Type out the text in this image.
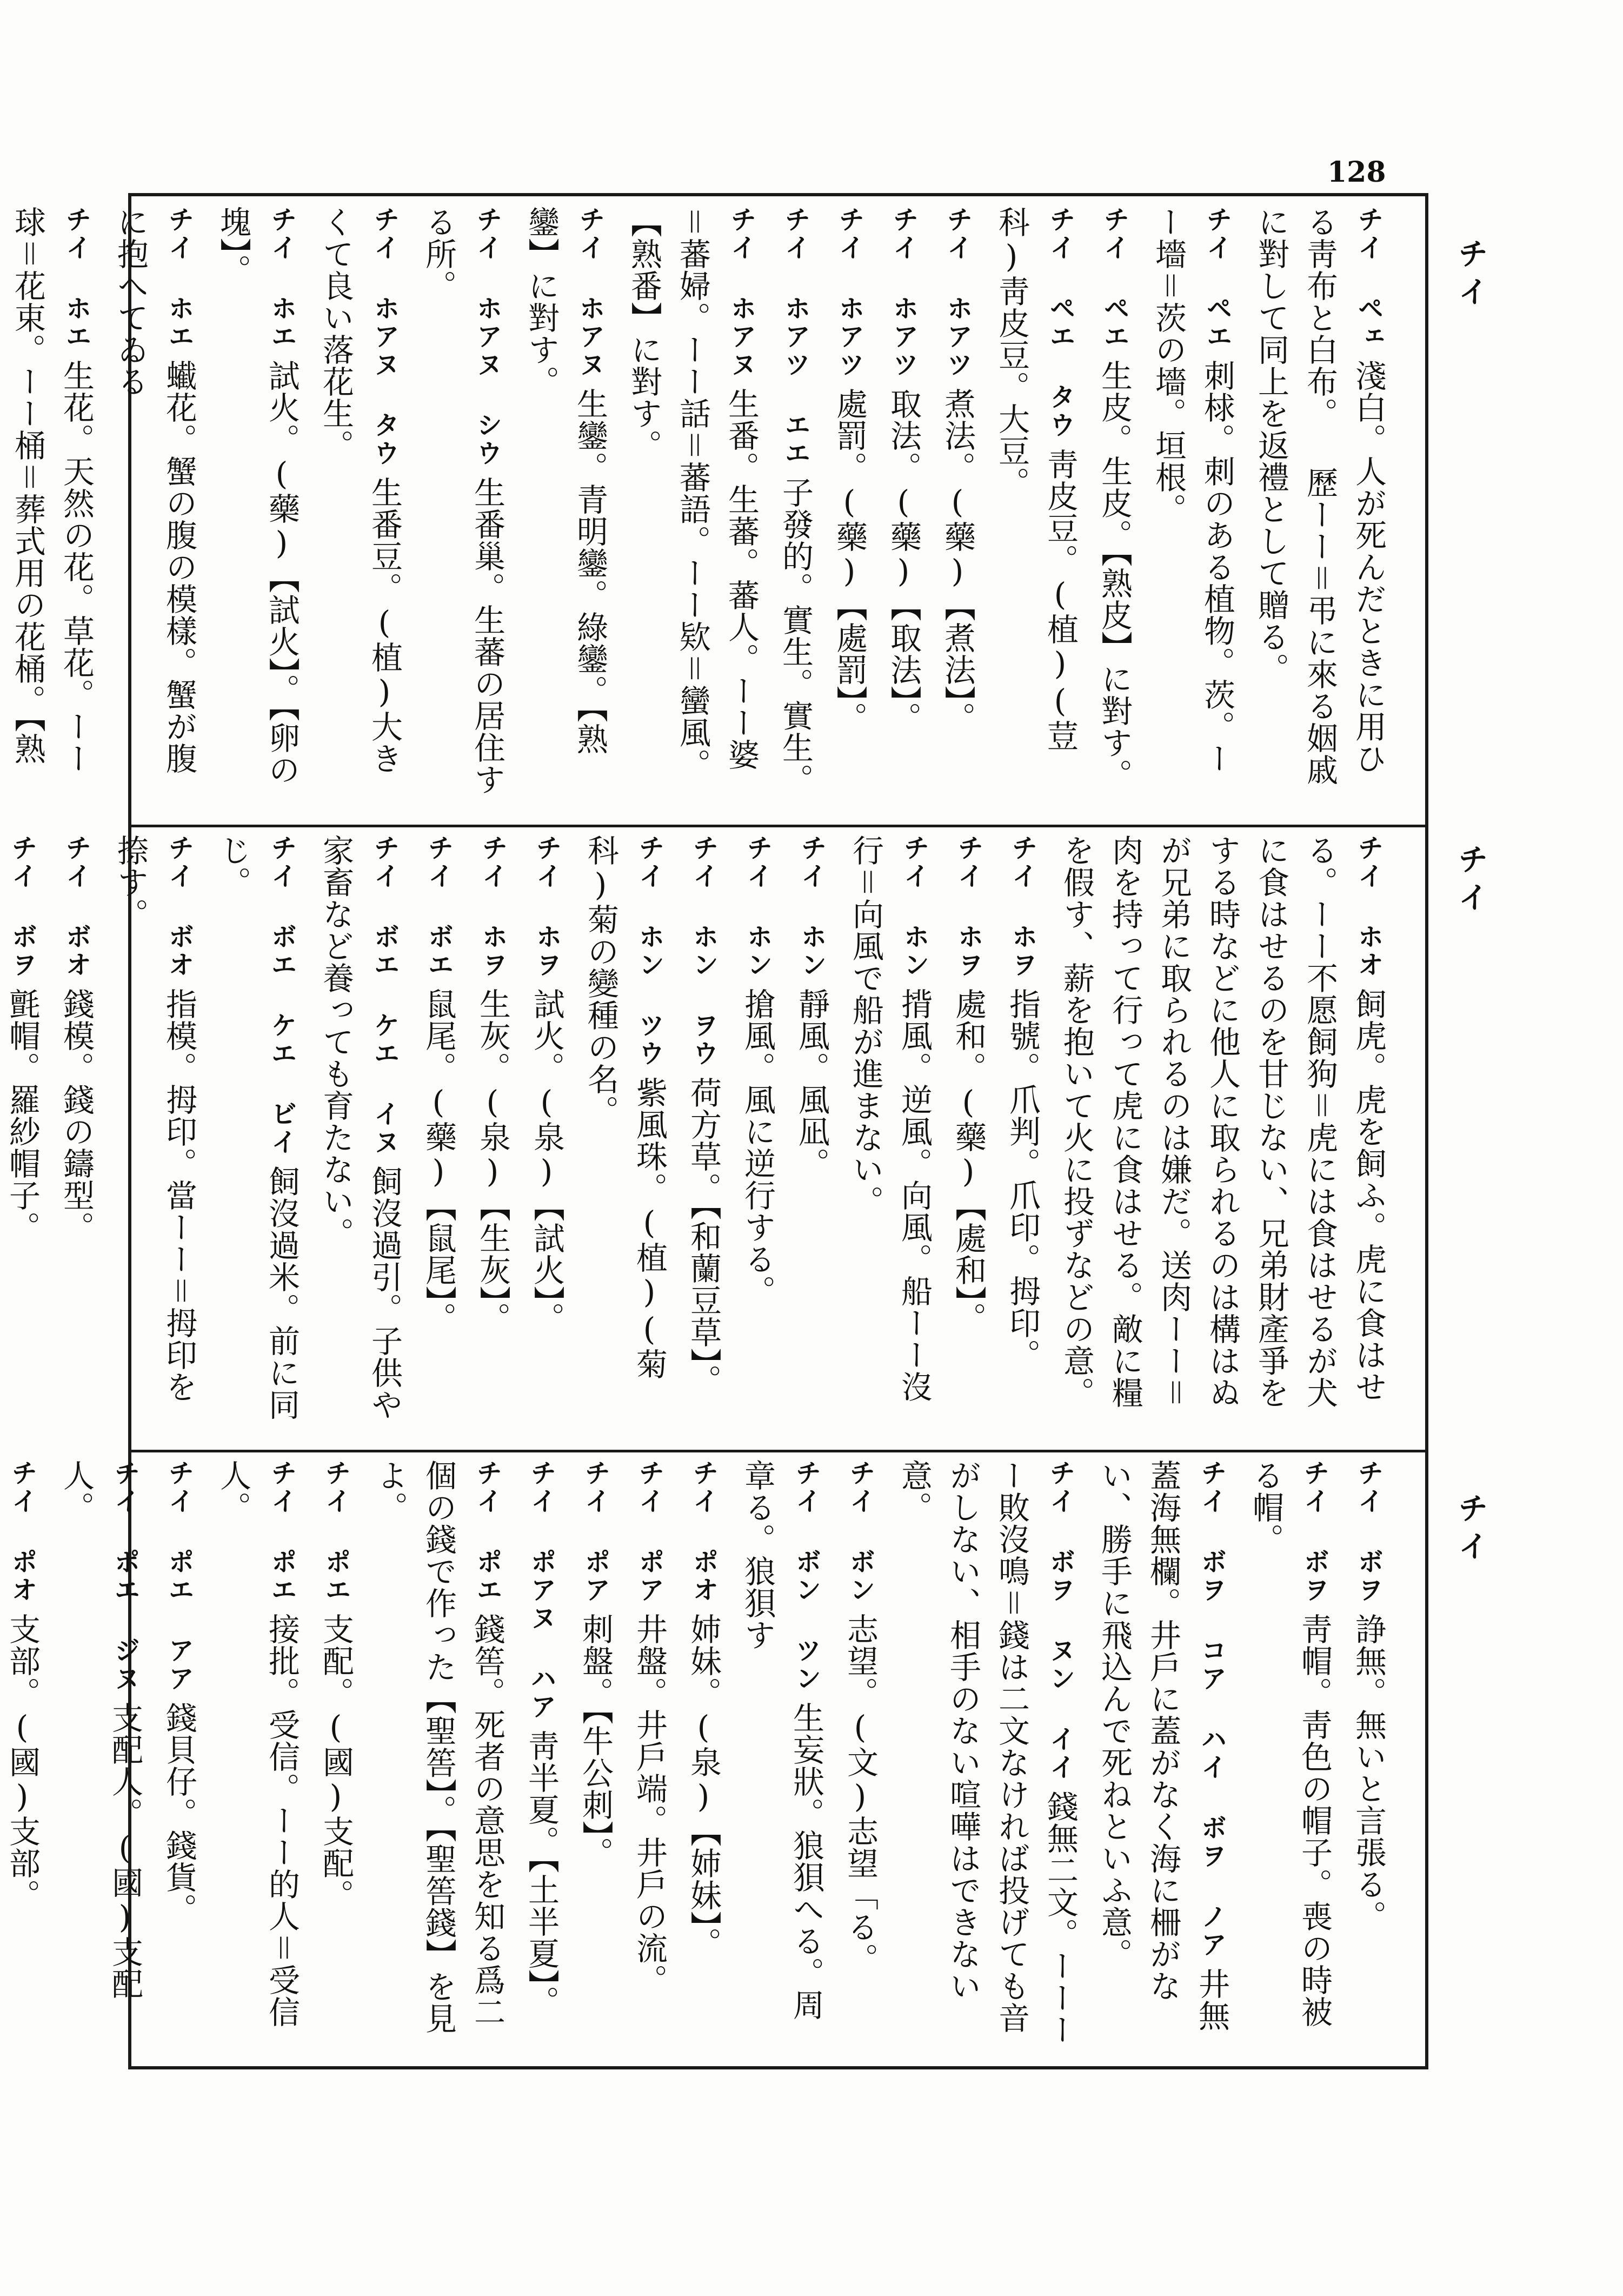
128
チイ
チイ
チイ
チイ ペェ淺白。人が死んだときに用ひる靑布と白布。 歷ーー＝弔に來る姻戚に對して同上を返禮として贈る。
チイ ペエ刺梂。刺のある植物。茨。ーー墻＝茨の墻。垣根。
チイ ペエ生皮。生皮。【熟皮】に對す。
チイ ペエ タウ靑皮豆。(植)(荳科)靑皮豆。大豆。
チイ ホアツ煮法。(藥)【煮法】。
チイ ホアツ取法。(藥)【取法】。
チイ ホアツ處罰。(藥)【處罰】。
チイ ホアツ エエ子發的。實生。實生。
チイ ホアヌ生番。生蕃。蕃人。ーー婆＝蕃婦。ーー話＝蕃語。ーー欵＝蠻風。【熟番】に對す。
チイ ホアヌ生鑾。青明鑾。綠鑾。【熟鑾】に對す。
チイ ホアヌ シウ生番巢。生蕃の居住する所。
チイ ホアヌ タウ生番豆。(植)大きくて良い落花生。
チイ ホエ試火。(藥)【試火】。【卵の塊】。
チイ ホエ蠘花。蟹の腹の模樣。蟹が腹に抱へてゐる
チイ ホエ生花。天然の花。草花。ーー球＝花束。ーー桶＝葬式用の花桶。【熟
チイ ホオ飼虎。虎を飼ふ。虎に食はせる。ーー不愿飼狗＝虎には食はせるが犬に食はせるのを甘じない、兄弟財產爭をする時などに他人に取られるのは構はぬが兄弟に取られるのは嫌だ。送肉ーー＝肉を持って行って虎に食はせる。敵に糧を假す、薪を抱いて火に投ずなどの意。
チイ ホヲ指號。爪判。爪印。拇印。
チイ ホヲ處和。(藥)【處和】。
チイ ホン揹風。逆風。向風。船ーー沒行＝向風で船が進まない。
チイ ホン靜風。風凪。
チイ ホン搶風。風に逆行する。
チイ ホン ヲウ荷方草。【和蘭豆草】。
チイ ホン ツウ紫風珠。(植)(菊科)菊の變種の名。
チイ ホヲ試火。(泉)【試火】。
チイ ホヲ生灰。(泉)【生灰】。
チイ ボエ鼠尾。(藥)【鼠尾】。
チイ ボエ ケエ イヌ飼沒過引。子供や家畜など養っても育たない。
チイ ボエ ケエ ビイ飼沒過米。前に同じ。
チイ ボオ指模。拇印。當ーー＝拇印を捺す。
チイ ボオ錢模。錢の鑄型。
チイ ボヲ氈帽。羅紗帽子。
チイ ボヲ諍無。無いと言張る。
チイ ボヲ靑帽。靑色の帽子。喪の時被る帽。
チイ ボヲ コア ハイ ボヲ ノア井無蓋海無欄。井戶に蓋がなく海に柵がない、勝手に飛込んで死ねといふ意。
チイ ボヲ ヌン イイ錢無二文。ーーーー敗沒鳴＝錢は二文なければ投げても音がしない、相手のない喧嘩はできない意。
チイ ボン志望。(文)志望「る。
チイ ボン ツン生妄狀。狼狽へる。周章る。狼狽す
チイ ポオ姉妹。(泉)【姉妹】。
チイ ポア井盤。井戶端。井戶の流。
チイ ポア刺盤。【牛公刺】。
チイ ポアヌ ハア靑半夏。【土半夏】。
チイ ポエ錢筶。死者の意思を知る爲二個の錢で作った【聖筶】。【聖筶錢】を見よ。
チイ ポエ支配。(國)支配。
チイ ポエ接批。受信。ーー的人＝受信人。
チイ ポエ アア錢貝仔。錢貨。
チイ ポエ ジヌ支配人。(國)支配人。
チイ ポオ支部。(國)支部。
